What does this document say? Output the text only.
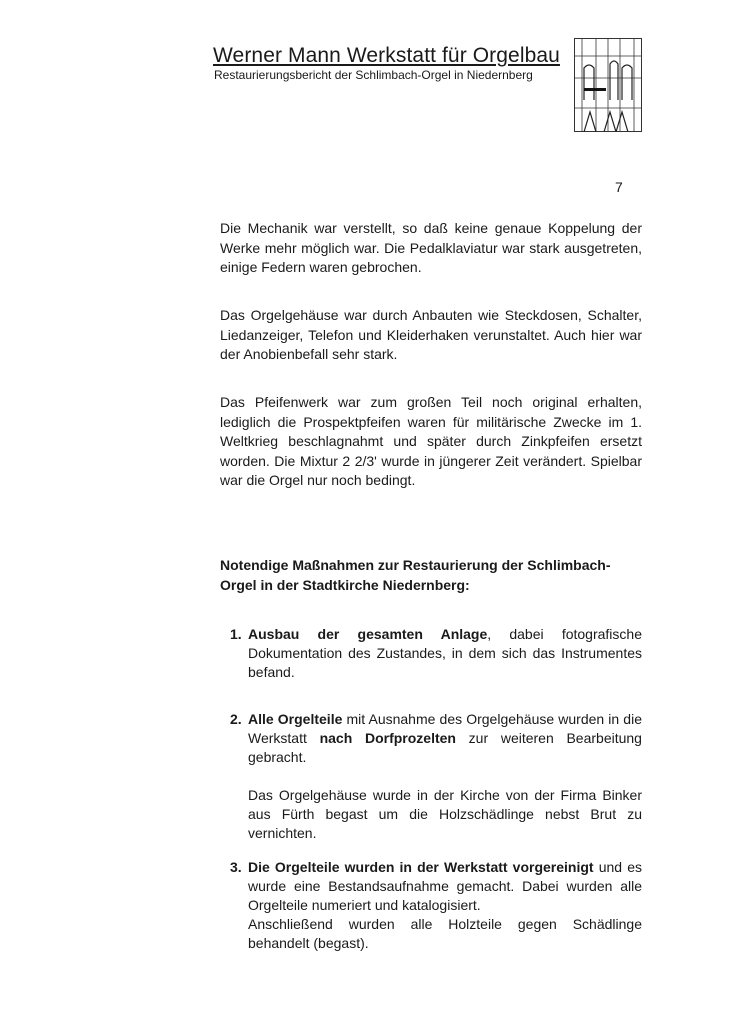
Werner Mann Werkstatt für Orgelbau
Restaurierungsbericht der Schlimbach-Orgel in Niedernberg
7
Die Mechanik war verstellt, so daß keine genaue Koppelung der Werke mehr möglich war. Die Pedalklaviatur war stark ausgetreten, einige Federn waren gebrochen.
Das Orgelgehäuse war durch Anbauten wie Steckdosen, Schalter, Liedanzeiger, Telefon und Kleiderhaken verunstaltet. Auch hier war der Anobienbefall sehr stark.
Das Pfeifenwerk war zum großen Teil noch original erhalten, lediglich die Prospektpfeifen waren für militärische Zwecke im 1. Weltkrieg beschlagnahmt und später durch Zinkpfeifen ersetzt worden. Die Mixtur 2 2/3' wurde in jüngerer Zeit verändert. Spielbar war die Orgel nur noch bedingt.
Notendige Maßnahmen zur Restaurierung der Schlimbach-Orgel in der Stadtkirche Niedernberg:
1. Ausbau der gesamten Anlage, dabei fotografische Dokumentation des Zustandes, in dem sich das Instrumentes befand.
2. Alle Orgelteile mit Ausnahme des Orgelgehäuse wurden in die Werkstatt nach Dorfprozelten zur weiteren Bearbeitung gebracht.
Das Orgelgehäuse wurde in der Kirche von der Firma Binker aus Fürth begast um die Holzschädlinge nebst Brut zu vernichten.
3. Die Orgelteile wurden in der Werkstatt vorgereinigt und es wurde eine Bestandsaufnahme gemacht. Dabei wurden alle Orgelteile numeriert und katalogisiert.
Anschließend wurden alle Holzteile gegen Schädlinge behandelt (begast).
